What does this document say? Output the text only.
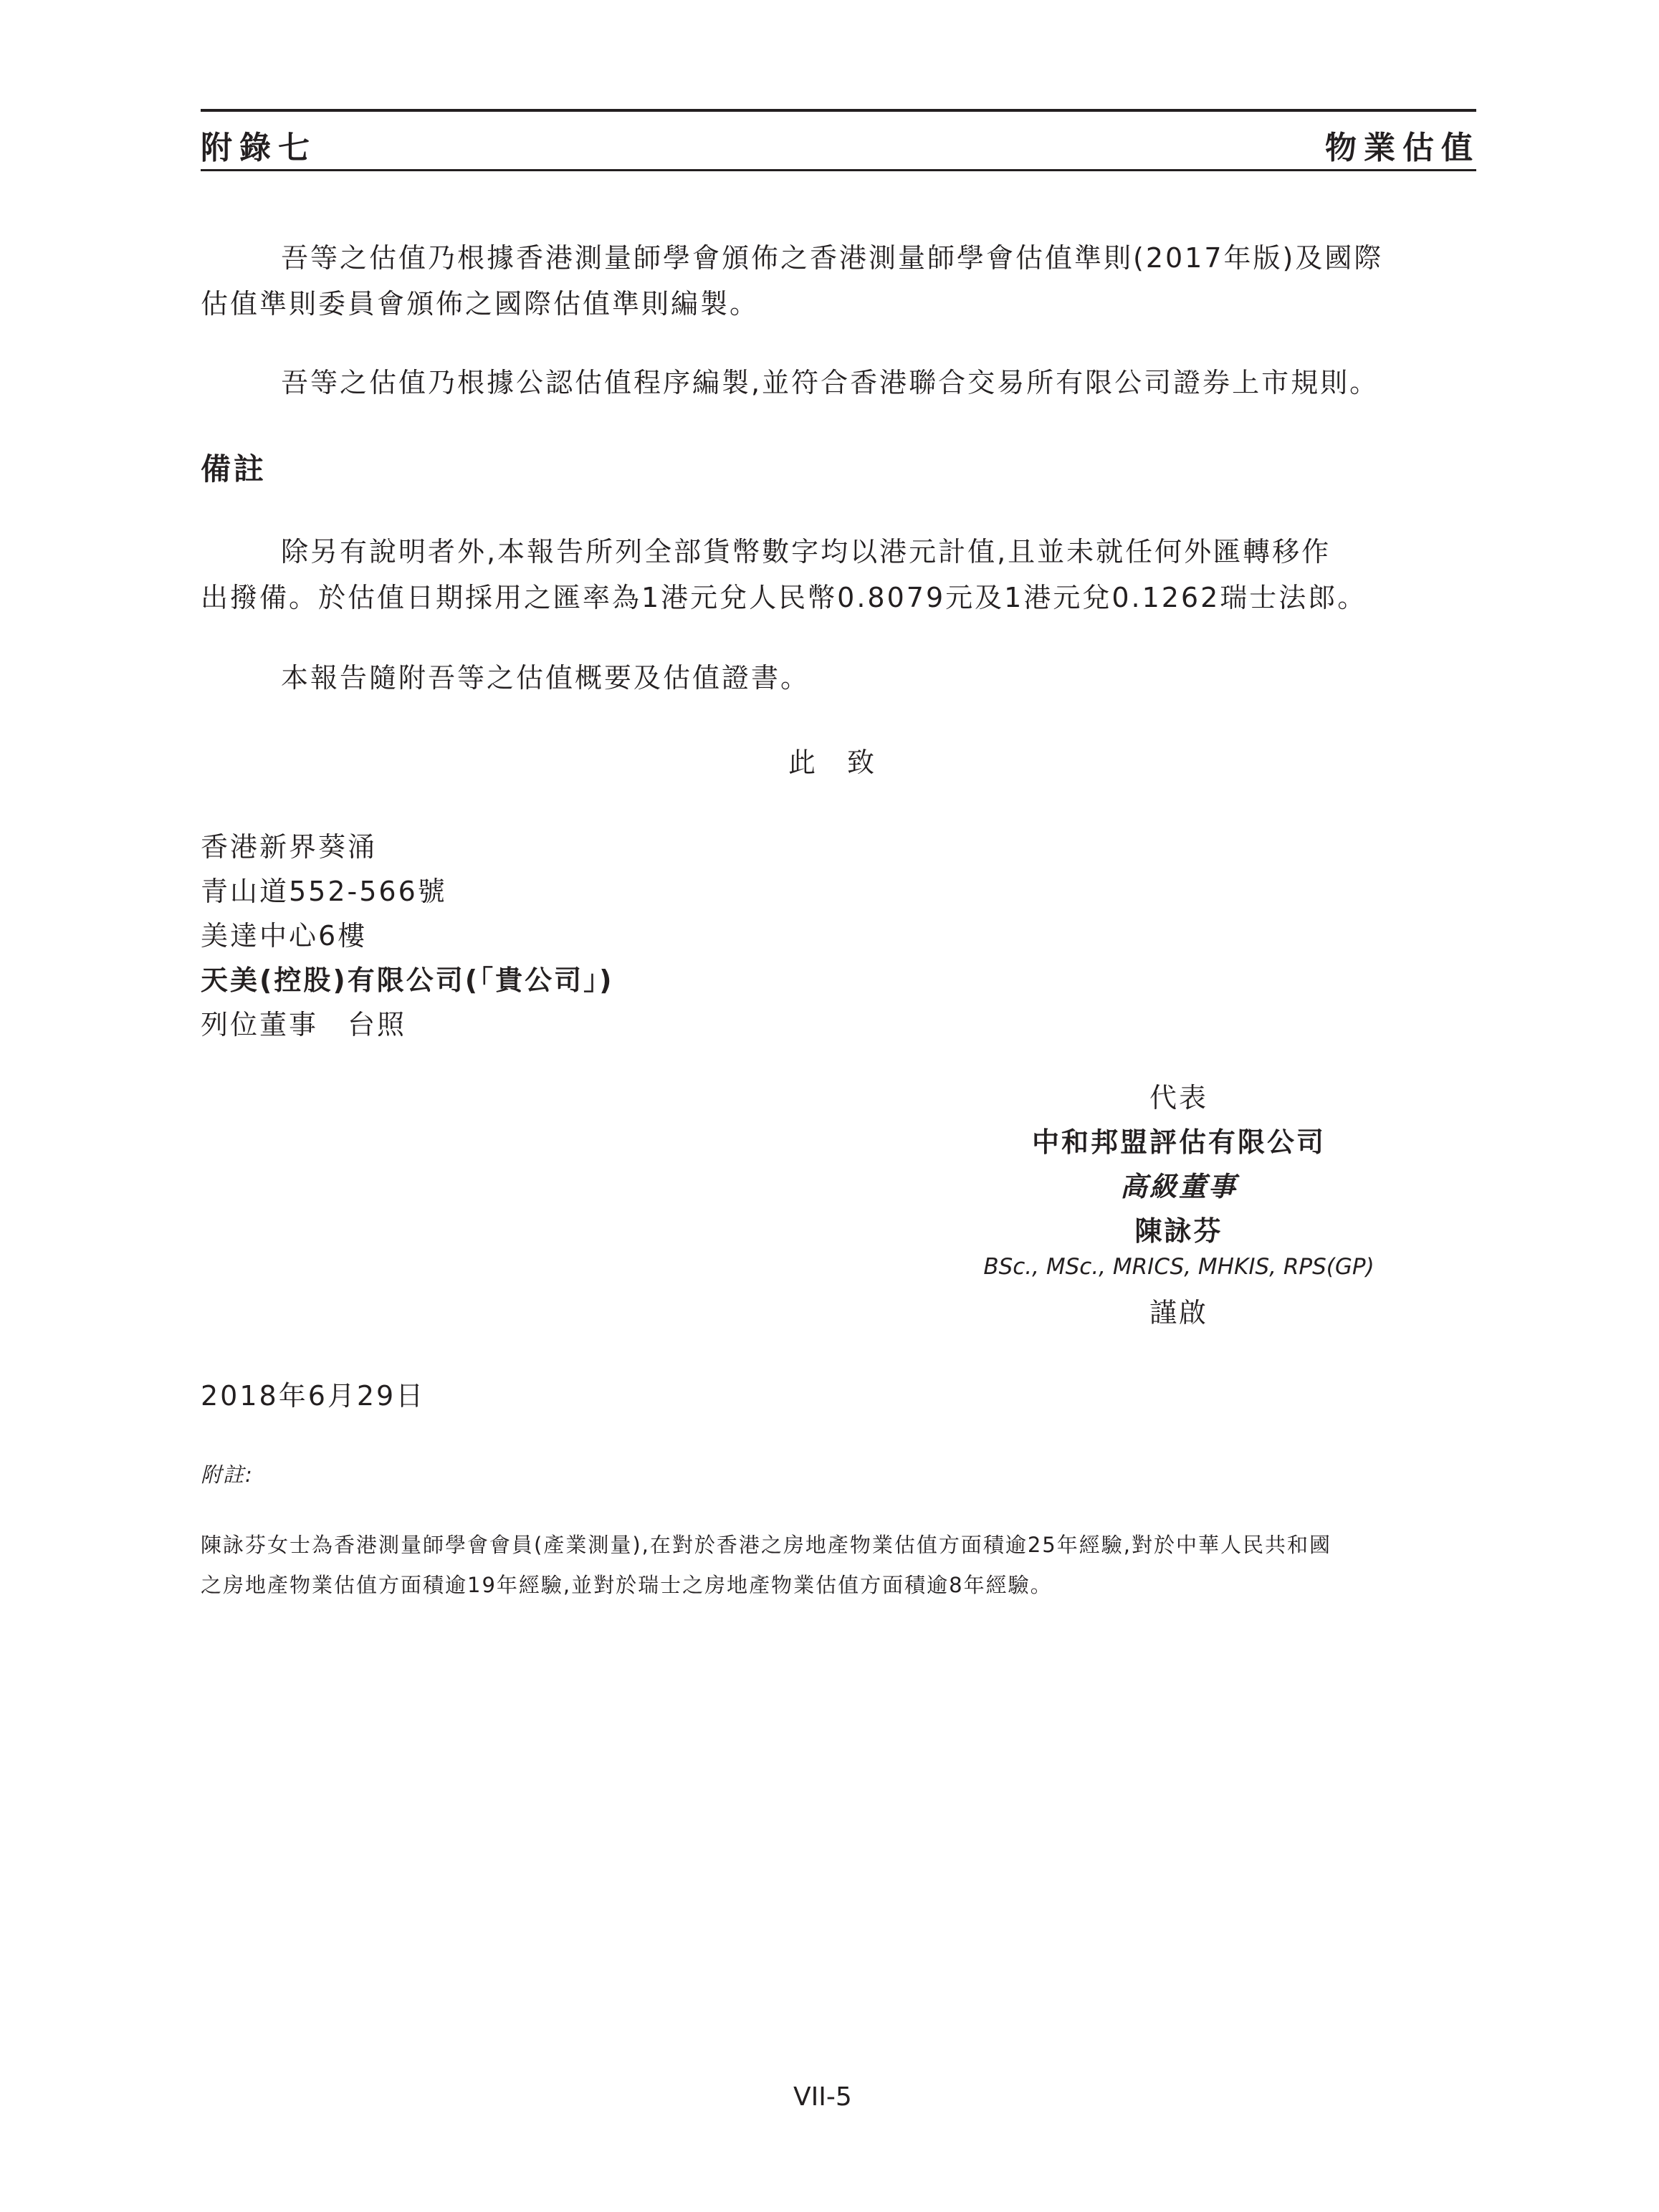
附錄七	物業估值
吾等之估值乃根據香港測量師學會頒佈之香港測量師學會估值準則(2017年版)及國際
估值準則委員會頒佈之國際估值準則編製。
吾等之估值乃根據公認估值程序編製,並符合香港聯合交易所有限公司證券上市規則。
備註
除另有說明者外,本報告所列全部貨幣數字均以港元計值,且並未就任何外匯轉移作
出撥備。於估值日期採用之匯率為1港元兌人民幣0.8079元及1港元兌0.1262瑞士法郎。
本報告隨附吾等之估值概要及估值證書。
此　致
香港新界葵涌
青山道552-566號
美達中心6樓
天美(控股)有限公司(「貴公司」)
列位董事　台照
代表
中和邦盟評估有限公司
高級董事
陳詠芬
BSc., MSc., MRICS, MHKIS, RPS(GP)
謹啟
2018年6月29日
附註:
陳詠芬女士為香港測量師學會會員(產業測量),在對於香港之房地產物業估值方面積逾25年經驗,對於中華人民共和國
之房地產物業估值方面積逾19年經驗,並對於瑞士之房地產物業估值方面積逾8年經驗。
VII-5
